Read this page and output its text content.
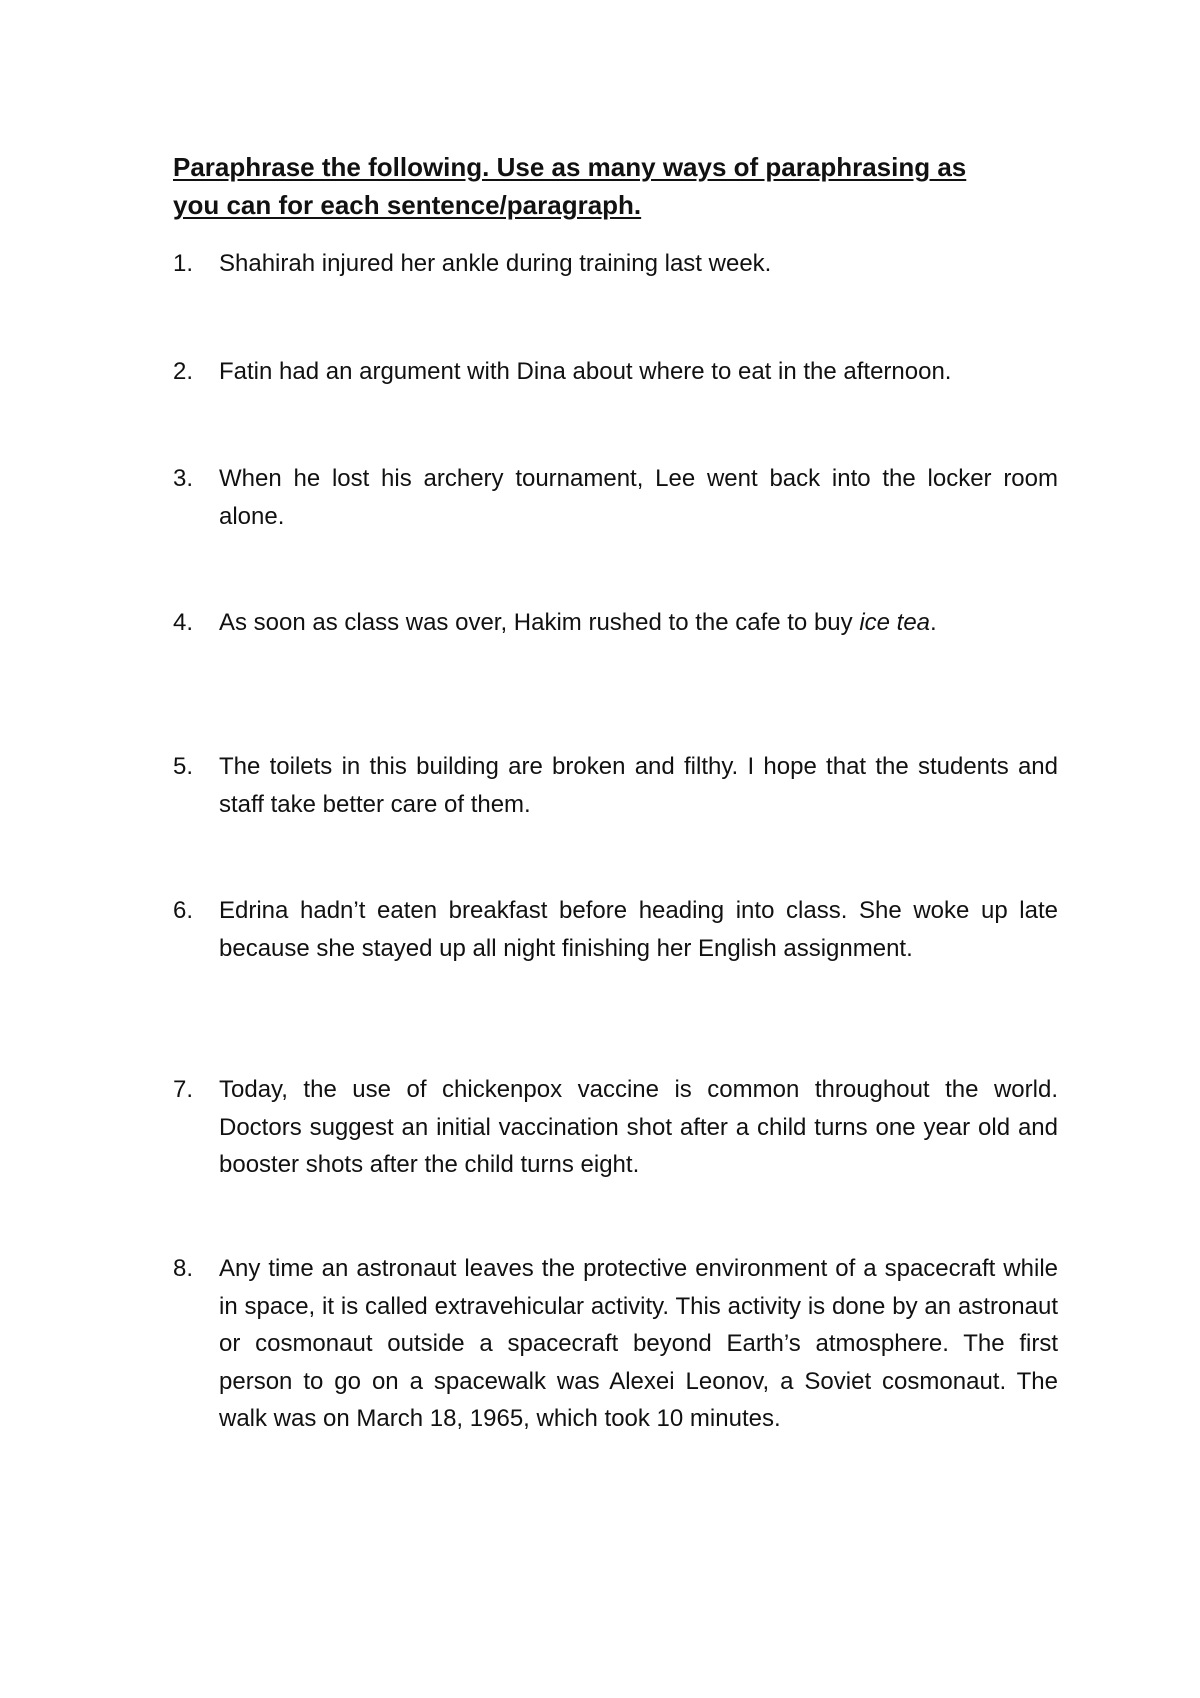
Paraphrase the following. Use as many ways of paraphrasing as
you can for each sentence/paragraph.
1.	Shahirah injured her ankle during training last week.
2.	Fatin had an argument with Dina about where to eat in the afternoon.
3.	When he lost his archery tournament, Lee went back into the locker room alone.
4.	As soon as class was over, Hakim rushed to the cafe to buy ice tea.
5.	The toilets in this building are broken and filthy. I hope that the students and staff take better care of them.
6.	Edrina hadn’t eaten breakfast before heading into class. She woke up late because she stayed up all night finishing her English assignment.
7.	Today, the use of chickenpox vaccine is common throughout the world. Doctors suggest an initial vaccination shot after a child turns one year old and booster shots after the child turns eight.
8.	Any time an astronaut leaves the protective environment of a spacecraft while in space, it is called extravehicular activity. This activity is done by an astronaut or cosmonaut outside a spacecraft beyond Earth’s atmosphere. The first person to go on a spacewalk was Alexei Leonov, a Soviet cosmonaut. The walk was on March 18, 1965, which took 10 minutes.
